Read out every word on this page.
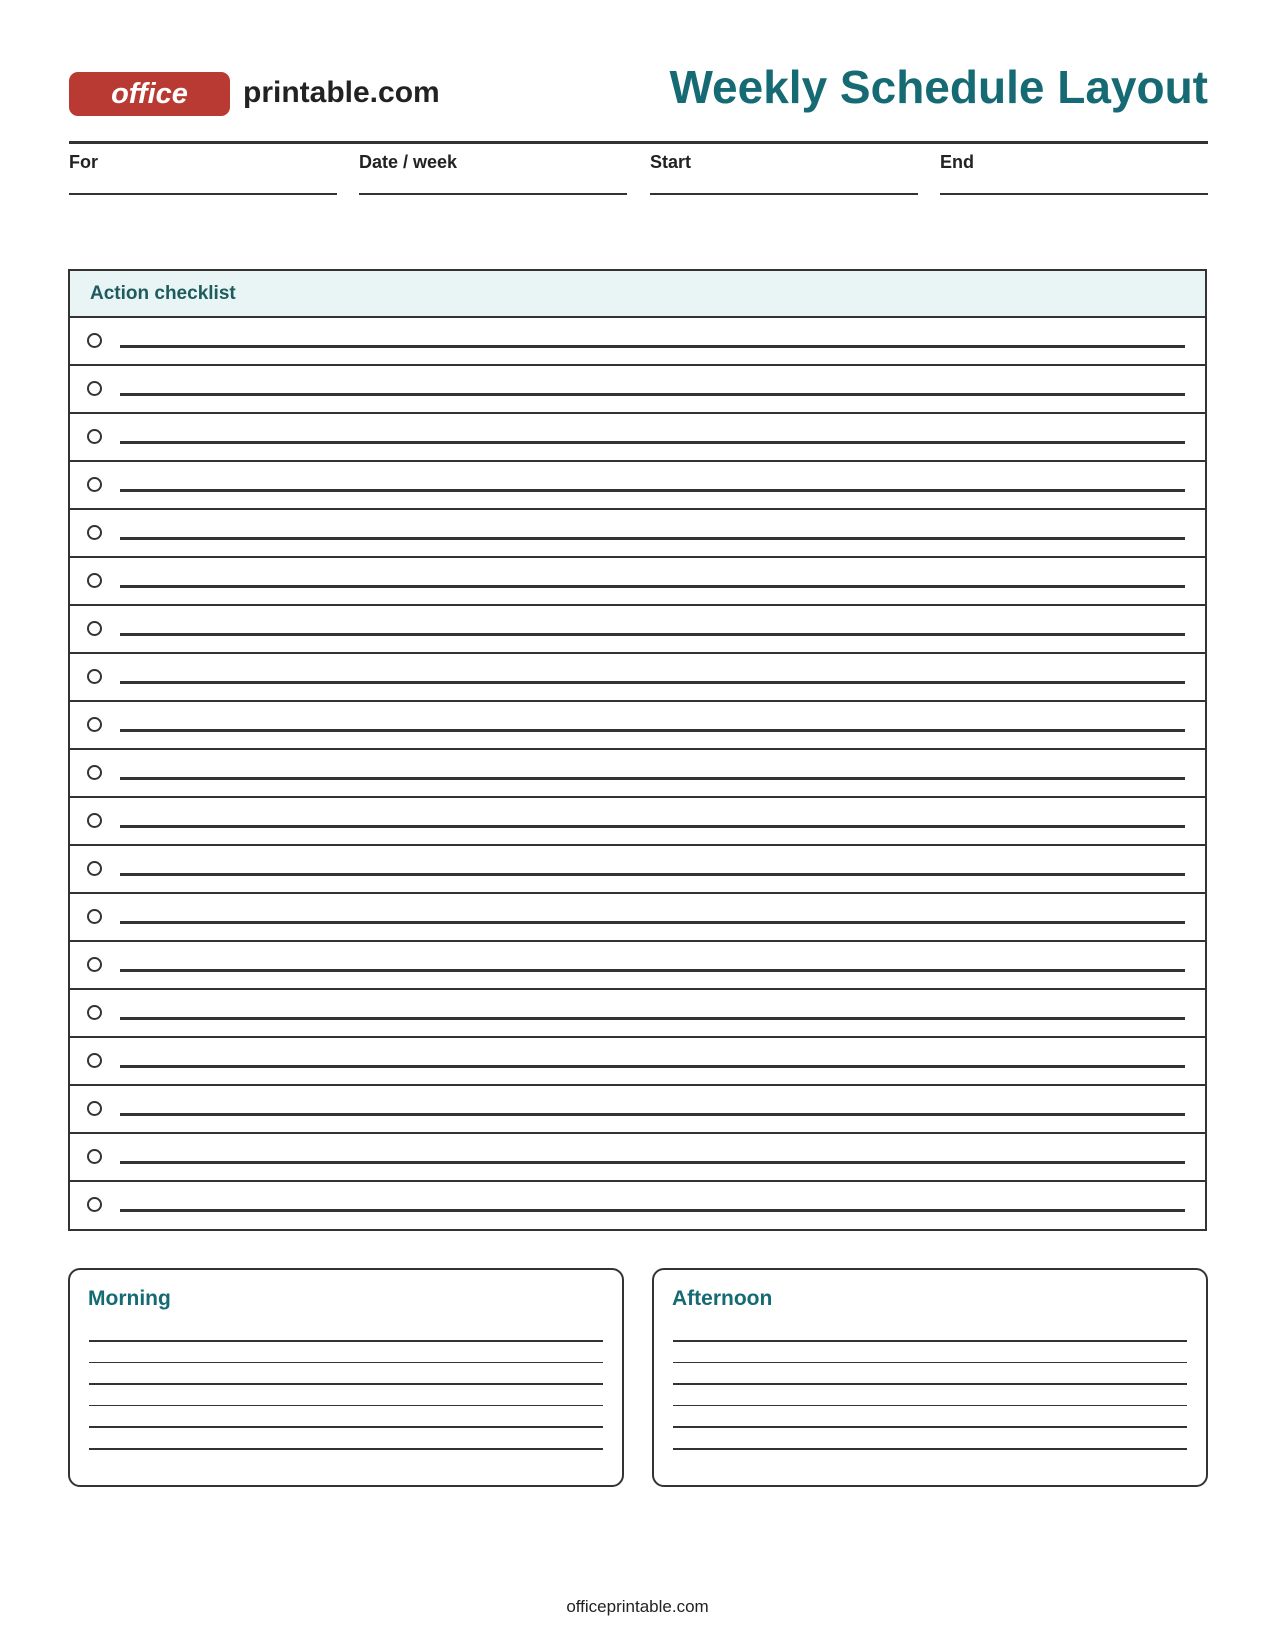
office printable.com	Weekly Schedule Layout
For	Date / week	Start	End
Action checklist
Morning	Afternoon
officeprintable.com
